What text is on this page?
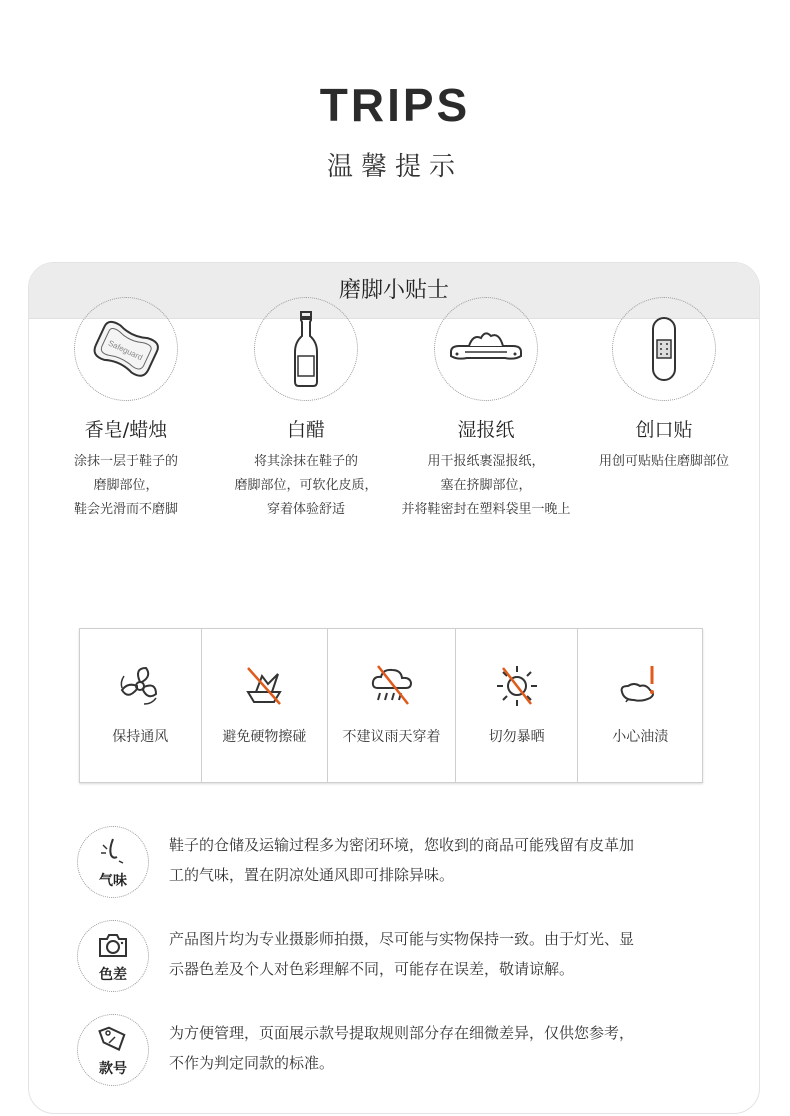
TRIPS
温馨提示
磨脚小贴士
Safeguard
香皂/蜡烛
涂抹一层于鞋子的
磨脚部位，
鞋会光滑而不磨脚
白醋
将其涂抹在鞋子的
磨脚部位，可软化皮质，
穿着体验舒适
湿报纸
用干报纸裹湿报纸，
塞在挤脚部位，
并将鞋密封在塑料袋里一晚上
创口贴
用创可贴贴住磨脚部位
保持通风	避免硬物擦碰	不建议雨天穿着	切勿暴晒	小心油渍
气味
鞋子的仓储及运输过程多为密闭环境，您收到的商品可能残留有皮革加
工的气味，置在阴凉处通风即可排除异味。
色差
产品图片均为专业摄影师拍摄，尽可能与实物保持一致。由于灯光、显
示器色差及个人对色彩理解不同，可能存在误差，敬请谅解。
款号
为方便管理，页面展示款号提取规则部分存在细微差异，仅供您参考，
不作为判定同款的标准。
